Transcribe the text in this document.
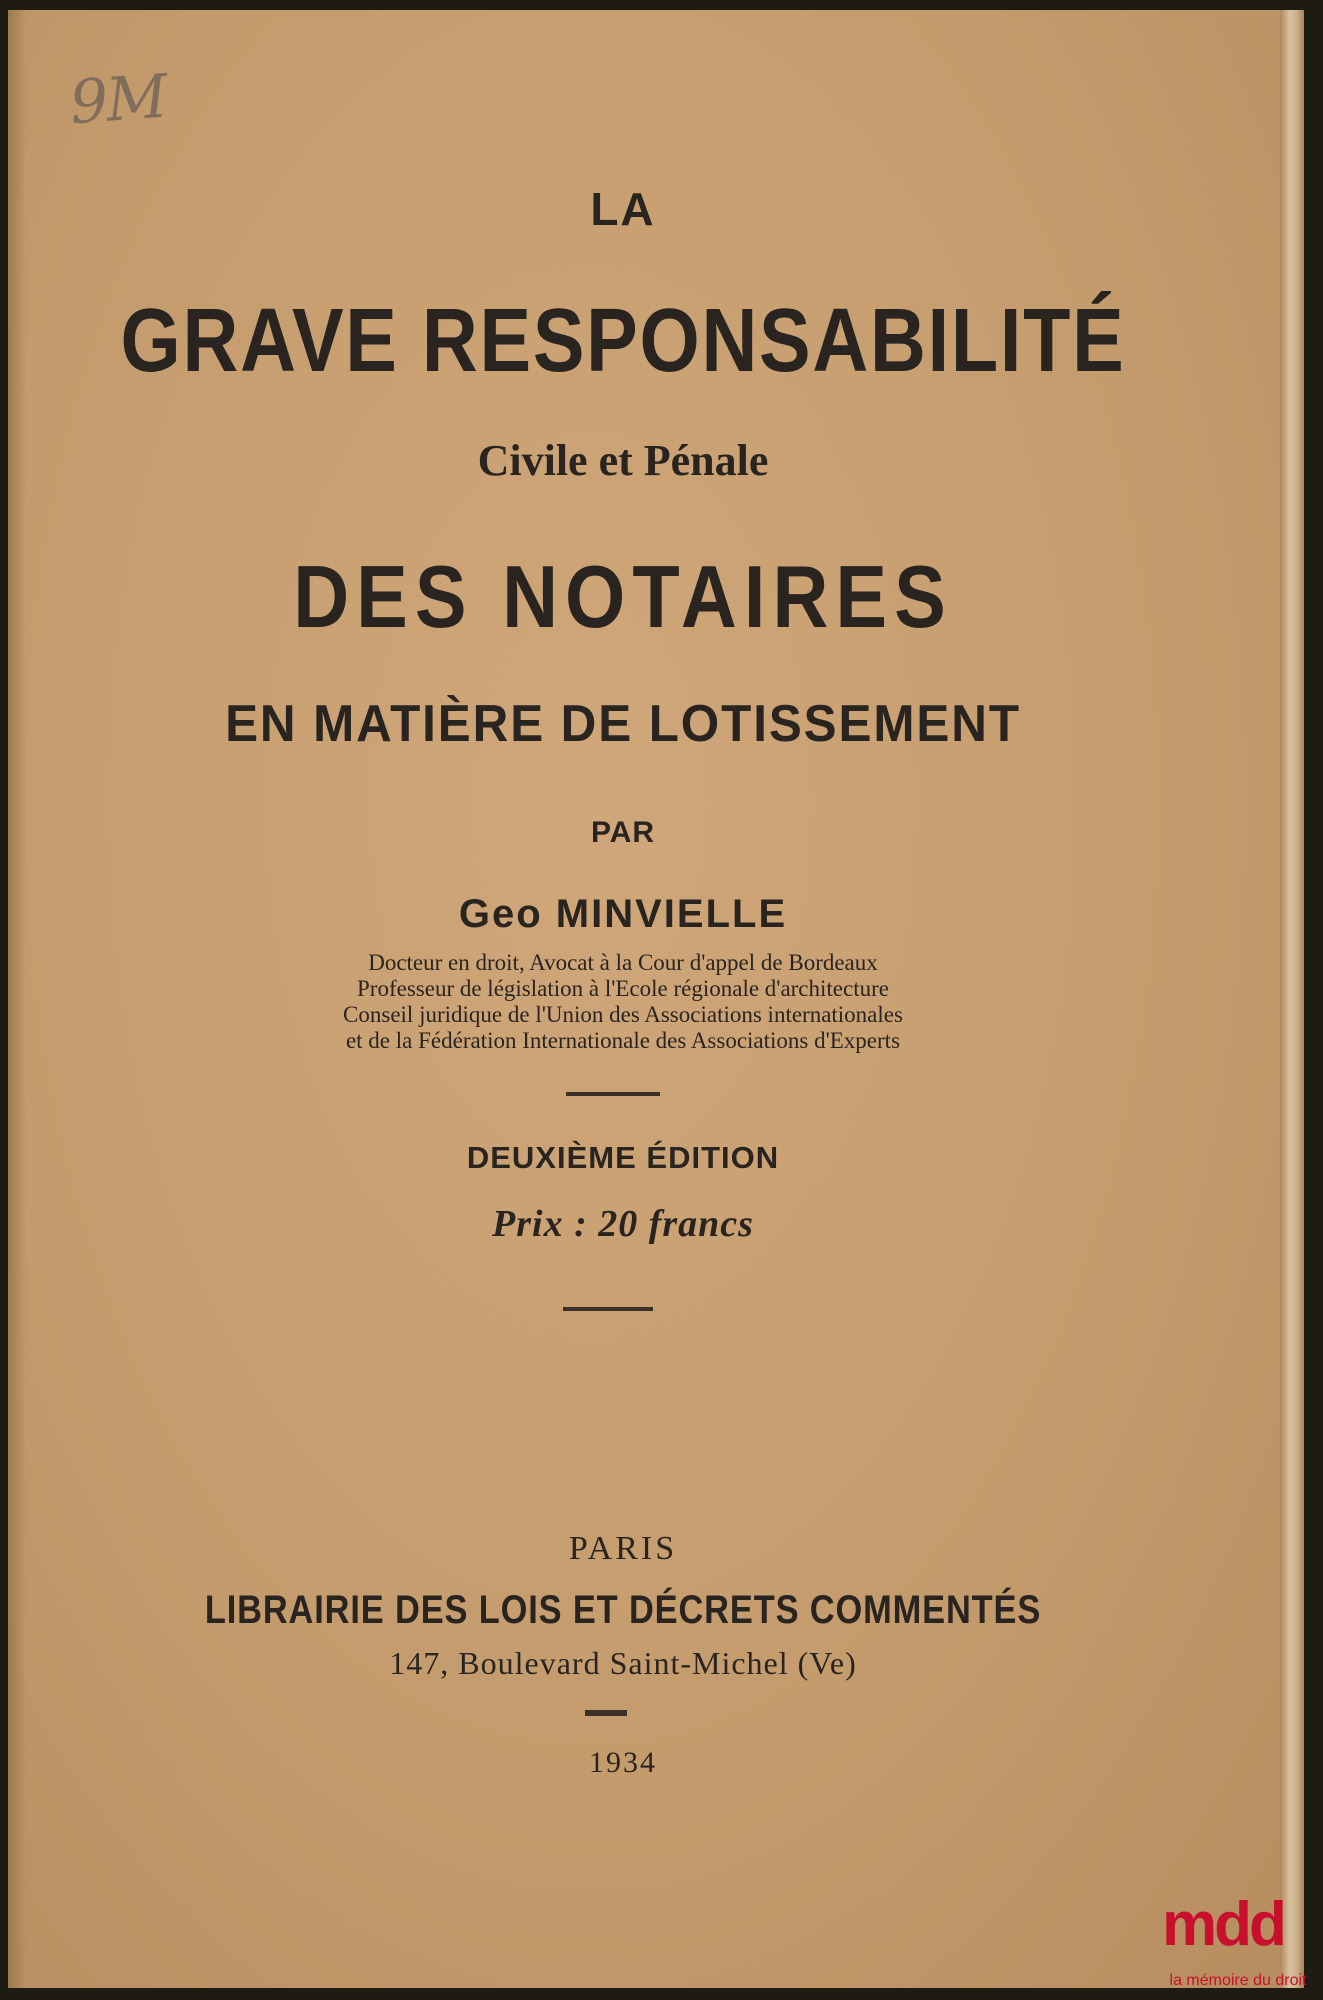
9M

LA

GRAVE RESPONSABILITÉ

Civile et Pénale

DES NOTAIRES

EN MATIÈRE DE LOTISSEMENT

PAR

Geo MINVIELLE

Docteur en droit, Avocat à la Cour d'appel de Bordeaux

Professeur de législation à l'Ecole régionale d'architecture

Conseil juridique de l'Union des Associations internationales

et de la Fédération Internationale des Associations d'Experts

DEUXIÈME ÉDITION

Prix : 20 francs

PARIS

LIBRAIRIE DES LOIS ET DÉCRETS COMMENTÉS

147, Boulevard Saint-Michel (Ve)

1934

mdd
la mémoire du droit
